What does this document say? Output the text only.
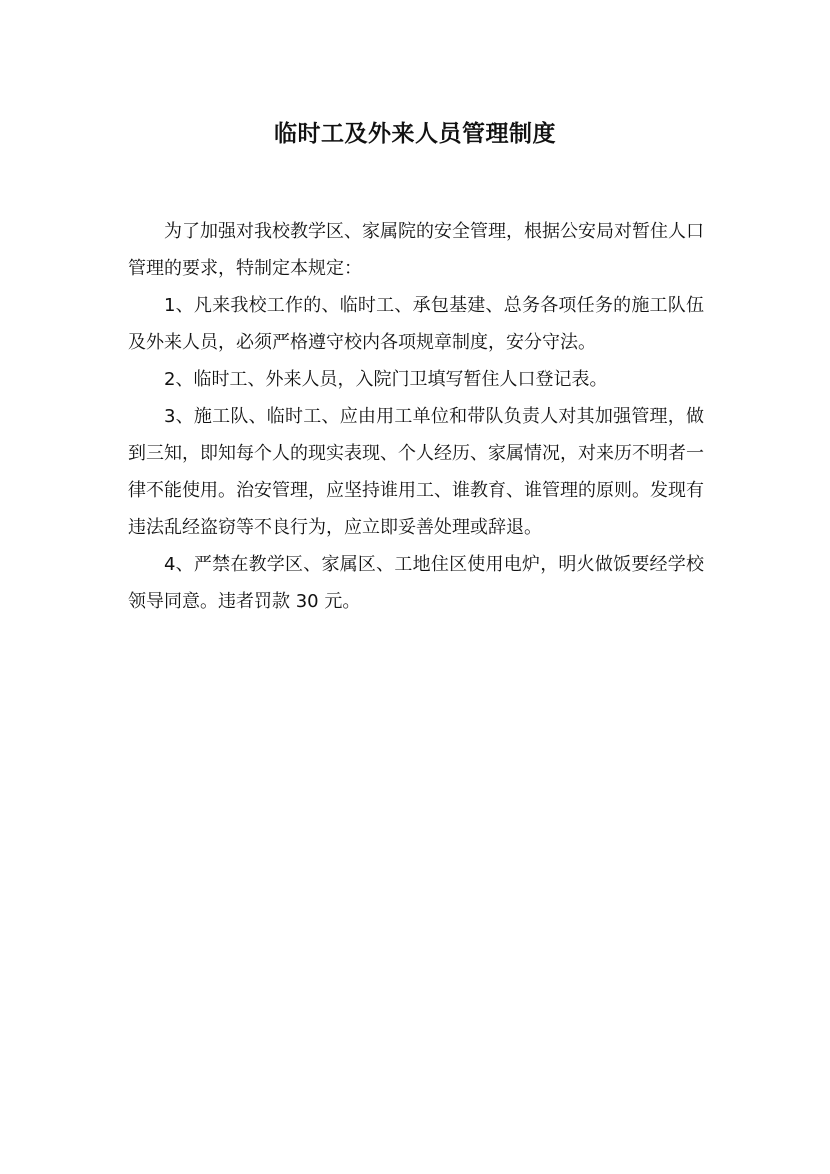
临时工及外来人员管理制度

为了加强对我校教学区、家属院的安全管理，根据公安局对暂住人口管理的要求，特制定本规定：

1、凡来我校工作的、临时工、承包基建、总务各项任务的施工队伍及外来人员，必须严格遵守校内各项规章制度，安分守法。

2、临时工、外来人员，入院门卫填写暂住人口登记表。

3、施工队、临时工、应由用工单位和带队负责人对其加强管理，做到三知，即知每个人的现实表现、个人经历、家属情况，对来历不明者一律不能使用。治安管理，应坚持谁用工、谁教育、谁管理的原则。发现有违法乱经盗窃等不良行为，应立即妥善处理或辞退。

4、严禁在教学区、家属区、工地住区使用电炉，明火做饭要经学校领导同意。违者罚款 30 元。
